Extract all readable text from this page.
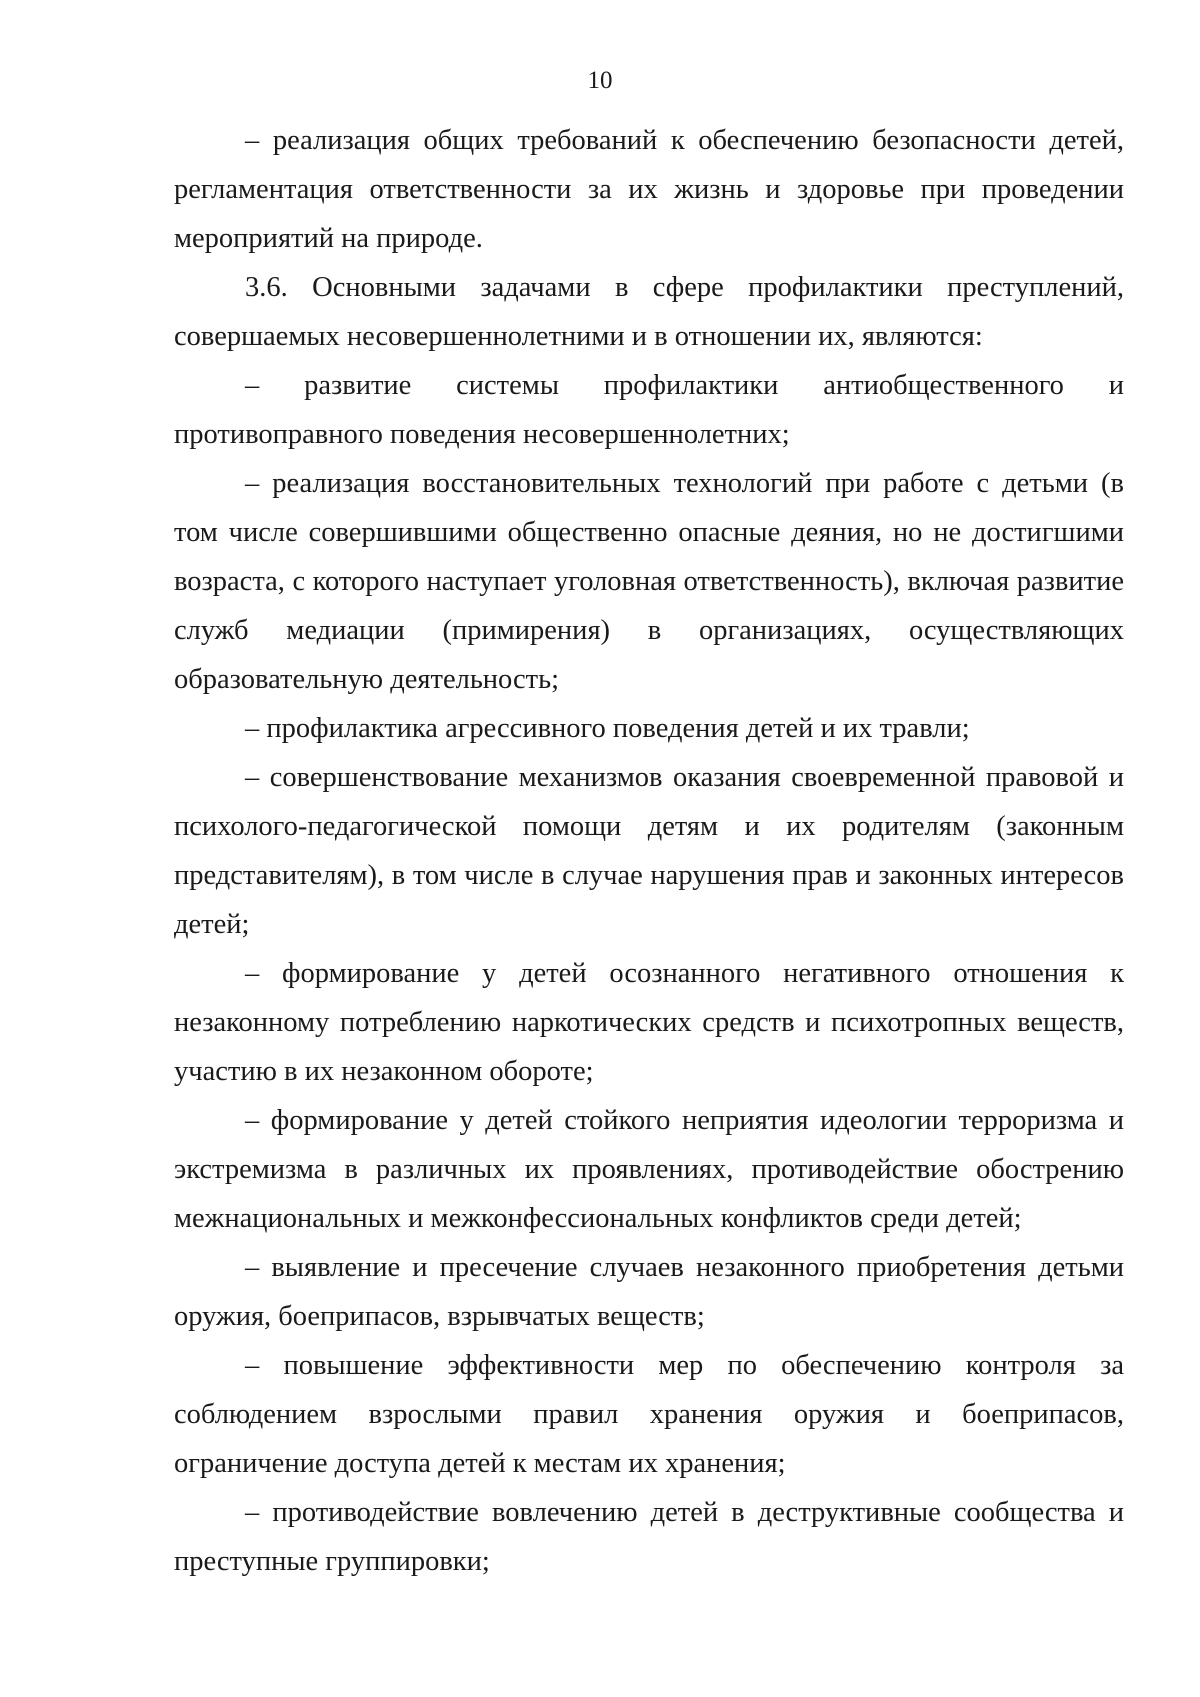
10

– реализация общих требований к обеспечению безопасности детей, регламентация ответственности за их жизнь и здоровье при проведении мероприятий на природе.

3.6. Основными задачами в сфере профилактики преступлений, совершаемых несовершеннолетними и в отношении их, являются:

– развитие системы профилактики антиобщественного и противоправного поведения несовершеннолетних;

– реализация восстановительных технологий при работе с детьми (в том числе совершившими общественно опасные деяния, но не достигшими возраста, с которого наступает уголовная ответственность), включая развитие служб медиации (примирения) в организациях, осуществляющих образовательную деятельность;

– профилактика агрессивного поведения детей и их травли;

– совершенствование механизмов оказания своевременной правовой и психолого-педагогической помощи детям и их родителям (законным представителям), в том числе в случае нарушения прав и законных интересов детей;

– формирование у детей осознанного негативного отношения к незаконному потреблению наркотических средств и психотропных веществ, участию в их незаконном обороте;

– формирование у детей стойкого неприятия идеологии терроризма и экстремизма в различных их проявлениях, противодействие обострению межнациональных и межконфессиональных конфликтов среди детей;

– выявление и пресечение случаев незаконного приобретения детьми оружия, боеприпасов, взрывчатых веществ;

– повышение эффективности мер по обеспечению контроля за соблюдением взрослыми правил хранения оружия и боеприпасов, ограничение доступа детей к местам их хранения;

– противодействие вовлечению детей в деструктивные сообщества и преступные группировки;
